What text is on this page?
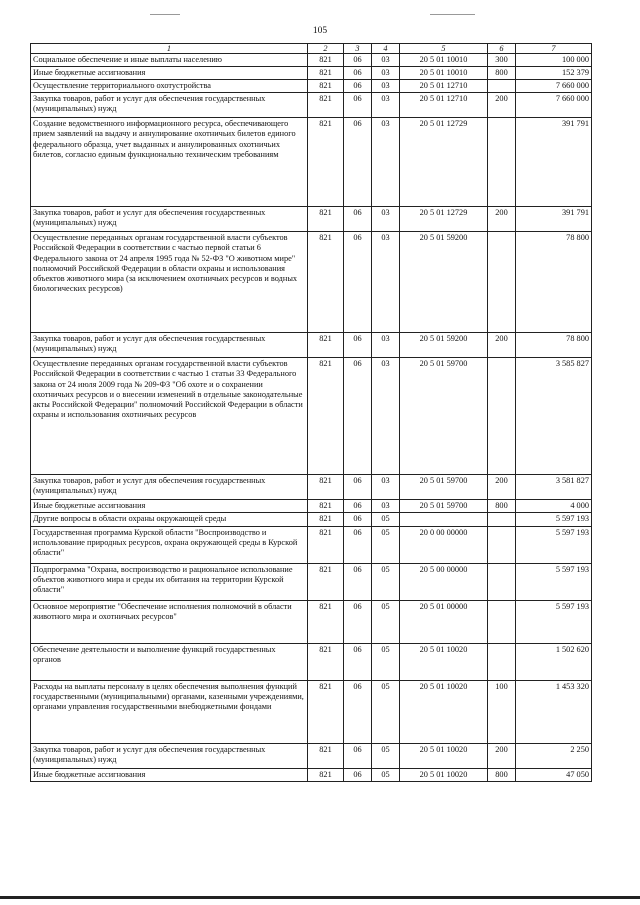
105
1	2	3	4	5	6	7
Социальное обеспечение и иные выплаты населению	821	06	03	20 5 01 10010	300	100 000
Иные бюджетные ассигнования	821	06	03	20 5 01 10010	800	152 379
Осуществление территориального охотустройства	821	06	03	20 5 01 12710		7 660 000
Закупка товаров, работ и услуг для обеспечения государственных (муниципальных) нужд	821	06	03	20 5 01 12710	200	7 660 000
Создание ведомственного информационного ресурса, обеспечивающего прием заявлений на выдачу и аннулирование охотничьих билетов единого федерального образца, учет выданных и аннулированных охотничьих билетов, согласно единым функционально техническим требованиям	821	06	03	20 5 01 12729		391 791
Закупка товаров, работ и услуг для обеспечения государственных (муниципальных) нужд	821	06	03	20 5 01 12729	200	391 791
Осуществление переданных органам государственной власти субъектов Российской Федерации в соответствии с частью первой статьи 6 Федерального закона от 24 апреля 1995 года № 52-ФЗ "О животном мире" полномочий Российской Федерации в области охраны и использования объектов животного мира (за исключением охотничьих ресурсов и водных биологических ресурсов)	821	06	03	20 5 01 59200		78 800
Закупка товаров, работ и услуг для обеспечения государственных (муниципальных) нужд	821	06	03	20 5 01 59200	200	78 800
Осуществление переданных органам государственной власти субъектов Российской Федерации в соответствии с частью 1 статьи 33 Федерального закона от 24 июля 2009 года № 209-ФЗ "Об охоте и о сохранении охотничьих ресурсов и о внесении изменений в отдельные законодательные акты Российской Федерации" полномочий Российской Федерации в области охраны и использования охотничьих ресурсов	821	06	03	20 5 01 59700		3 585 827
Закупка товаров, работ и услуг для обеспечения государственных (муниципальных) нужд	821	06	03	20 5 01 59700	200	3 581 827
Иные бюджетные ассигнования	821	06	03	20 5 01 59700	800	4 000
Другие вопросы в области охраны окружающей среды	821	06	05			5 597 193
Государственная программа Курской области "Воспроизводство и использование природных ресурсов, охрана окружающей среды в Курской области"	821	06	05	20 0 00 00000		5 597 193
Подпрограмма "Охрана, воспроизводство и рациональное использование объектов животного мира и среды их обитания на территории Курской области"	821	06	05	20 5 00 00000		5 597 193
Основное мероприятие "Обеспечение исполнения полномочий в области животного мира и охотничьих ресурсов"	821	06	05	20 5 01 00000		5 597 193
Обеспечение деятельности и выполнение функций государственных органов	821	06	05	20 5 01 10020		1 502 620
Расходы на выплаты персоналу в целях обеспечения выполнения функций государственными (муниципальными) органами, казенными учреждениями, органами управления государственными внебюджетными фондами	821	06	05	20 5 01 10020	100	1 453 320
Закупка товаров, работ и услуг для обеспечения государственных (муниципальных) нужд	821	06	05	20 5 01 10020	200	2 250
Иные бюджетные ассигнования	821	06	05	20 5 01 10020	800	47 050
